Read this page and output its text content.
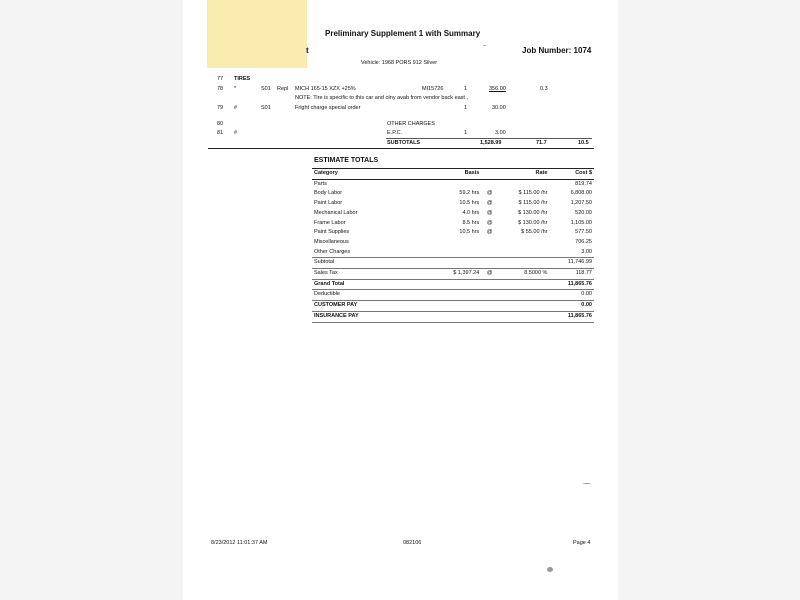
Preliminary Supplement 1 with Summary
t	Job Number: 1074
Vehicle: 1968 PORS 912 Silver
77 TIRES
78 *	S01 Repl MICH 165-15 XZX +25%	MI15726	1	356.00	0.3
NOTE: Tire is specific to this car and olny avab from vendor back east ,
79 #	S01	Fright charge special order	1	30.00
80	OTHER CHARGES
81 #	E.P.C.	1	3.00
SUBTOTALS	1,528.99	71.7	10.5
ESTIMATE TOTALS
Category	Basis		Rate	Cost $
Parts				819.74
Body Labor	59.2 hrs	@	$ 115.00 /hr	6,808.00
Paint Labor	10.5 hrs	@	$ 115.00 /hr	1,207.50
Mechanical Labor	4.0 hrs	@	$ 130.00 /hr	520.00
Frame Labor	8.5 hrs	@	$ 130.00 /hr	1,105.00
Paint Supplies	10.5 hrs	@	$ 55.00 /hr	577.50
Miscellaneous				706.25
Other Charges				3.00
Subtotal				11,746.99
Sales Tax	$ 1,397.24	@	8.5000 %	118.77
Grand Total				11,865.76
Deductible				0.00
CUSTOMER PAY				0.00
INSURANCE PAY				11,865.76
8/23/2012 11:01:37 AM	082106	Page 4
